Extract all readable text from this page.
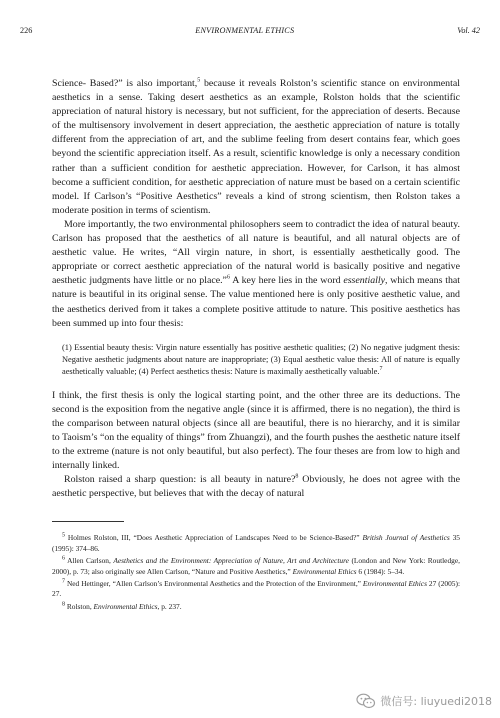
226	ENVIRONMENTAL ETHICS	Vol. 42

Science- Based?” is also important,$^5$ because it reveals Rolston’s scientific stance on environmental aesthetics in a sense. Taking desert aesthetics as an example, Rolston holds that the scientific appreciation of natural history is necessary, but not sufficient, for the appreciation of deserts. Because of the multisensory involvement in desert appreciation, the aesthetic appreciation of nature is totally different from the appreciation of art, and the sublime feeling from desert contains fear, which goes beyond the scientific appreciation itself. As a result, scientific knowledge is only a necessary condition rather than a sufficient condition for aesthetic appreciation. However, for Carlson, it has almost become a sufficient condition, for aesthetic appreciation of nature must be based on a certain scientific model. If Carlson’s “Positive Aesthetics” reveals a kind of strong scientism, then Rolston takes a moderate position in terms of scientism.

More importantly, the two environmental philosophers seem to contradict the idea of natural beauty. Carlson has proposed that the aesthetics of all nature is beautiful, and all natural objects are of aesthetic value. He writes, “All virgin nature, in short, is essentially aesthetically good. The appropriate or correct aesthetic appreciation of the natural world is basically positive and negative aesthetic judgments have little or no place.”$^6$ A key here lies in the word essentially, which means that nature is beautiful in its original sense. The value mentioned here is only positive aesthetic value, and the aesthetics derived from it takes a complete positive attitude to nature. This positive aesthetics has been summed up into four thesis:

(1) Essential beauty thesis: Virgin nature essentially has positive aesthetic qualities; (2) No negative judgment thesis: Negative aesthetic judgments about nature are inappropriate; (3) Equal aesthetic value thesis: All of nature is equally aesthetically valuable; (4) Perfect aesthetics thesis: Nature is maximally aesthetically valuable.$^7$

I think, the first thesis is only the logical starting point, and the other three are its deductions. The second is the exposition from the negative angle (since it is affirmed, there is no negation), the third is the comparison between natural objects (since all are beautiful, there is no hierarchy, and it is similar to Taoism’s “on the equality of things” from Zhuangzi), and the fourth pushes the aesthetic nature itself to the extreme (nature is not only beautiful, but also perfect). The four theses are from low to high and internally linked.

Rolston raised a sharp question: is all beauty in nature?$^8$ Obviously, he does not agree with the aesthetic perspective, but believes that with the decay of natural

$^5$ Holmes Rolston, III, “Does Aesthetic Appreciation of Landscapes Need to be Science-Based?” British Journal of Aesthetics 35 (1995): 374–86.

$^6$ Allen Carlson, Aesthetics and the Environment: Appreciation of Nature, Art and Architecture (London and New York: Routledge, 2000), p. 73; also originally see Allen Carlson, “Nature and Positive Aesthetics,” Environmental Ethics 6 (1984): 5–34.

$^7$ Ned Hettinger, “Allen Carlson’s Environmental Aesthetics and the Protection of the Environment,” Environmental Ethics 27 (2005): 27.

$^8$ Rolston, Environmental Ethics, p. 237.

微信号: liuyuedi2018
